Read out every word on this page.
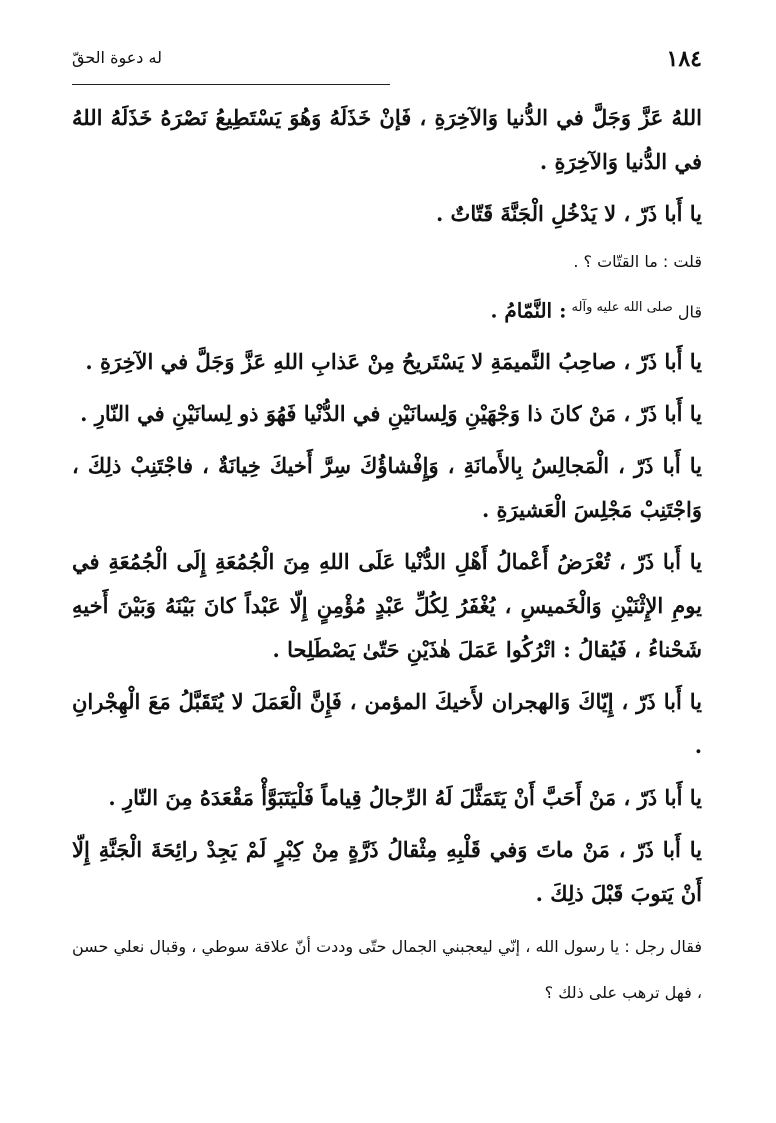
١٨٤
له دعوة الحقّ

اللهُ عَزَّ وَجَلَّ في الدُّنيا وَالآخِرَةِ ، فَإنْ خَذَلَهُ وَهُوَ يَسْتَطِيعُ نَصْرَهُ خَذَلَهُ اللهُ في الدُّنيا وَالآخِرَةِ .

يا أَبا ذَرّ ، لا يَدْخُلِ الْجَنَّةَ قَتّاتٌ .

قلت : ما القتّات ؟ .

قال $^{صلى الله عليه وآله}$ : النَّمّامُ .

يا أَبا ذَرّ ، صاحِبُ النَّميمَةِ لا يَسْتَريحُ مِنْ عَذابِ اللهِ عَزَّ وَجَلَّ في الآخِرَةِ .

يا أَبا ذَرّ ، مَنْ كانَ ذا وَجْهَيْنِ وَلِسانَيْنِ في الدُّنْيا فَهُوَ ذو لِسانَيْنِ في النّارِ .

يا أَبا ذَرّ ، الْمَجالِسُ بِالأَمانَةِ ، وَإِفْشاؤُكَ سِرَّ أَخيكَ خِيانَةٌ ، فاجْتَنِبْ ذلِكَ ، وَاجْتَنِبْ مَجْلِسَ الْعَشيرَةِ .

يا أَبا ذَرّ ، تُعْرَضُ أَعْمالُ أَهْلِ الدُّنْيا عَلَى اللهِ مِنَ الْجُمُعَةِ إِلَى الْجُمُعَةِ في يومِ الإِثْنَيْنِ وَالْخَميسِ ، يُغْفَرُ لِكُلِّ عَبْدٍ مُؤْمِنٍ إِلّا عَبْداً كانَ بَيْنَهُ وَبَيْنَ أَخيهِ شَحْناءُ ، فَيُقالُ : اتْرُكُوا عَمَلَ هٰذَيْنِ حَتّىٰ يَصْطَلِحا .

يا أَبا ذَرّ ، إِيّاكَ وَالهجران لأَخيكَ المؤمن ، فَإِنَّ الْعَمَلَ لا يُتَقَبَّلُ مَعَ الْهِجْرانِ .

يا أَبا ذَرّ ، مَنْ أَحَبَّ أَنْ يَتَمَثَّلَ لَهُ الرِّجالُ قِياماً فَلْيَتَبَوَّأْ مَقْعَدَهُ مِنَ النّارِ .

يا أَبا ذَرّ ، مَنْ ماتَ وَفي قَلْبِهِ مِثْقالُ ذَرَّةٍ مِنْ كِبْرٍ لَمْ يَجِدْ رائِحَةَ الْجَنَّةِ إِلّا أَنْ يَتوبَ قَبْلَ ذلِكَ .

فقال رجل : يا رسول الله ، إنّي ليعجبني الجمال حتّى وددت أنّ علاقة سوطي ، وقبال نعلي حسن ، فهل ترهب على ذلك ؟
